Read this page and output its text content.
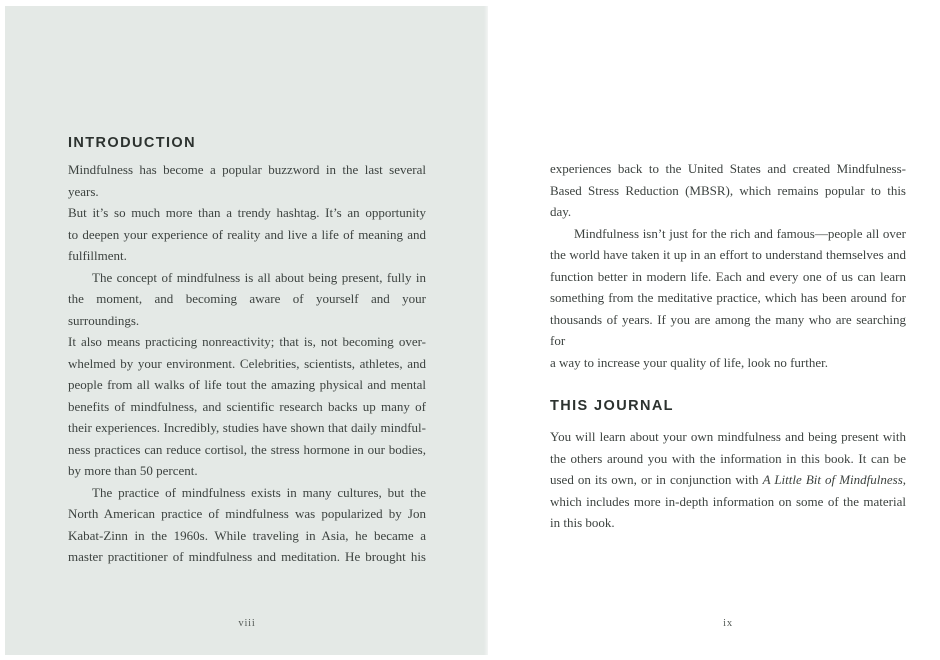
INTRODUCTION
Mindfulness has become a popular buzzword in the last several years.
But it’s so much more than a trendy hashtag. It’s an opportunity
to deepen your experience of reality and live a life of meaning and
fulfillment.
The concept of mindfulness is all about being present, fully in
the moment, and becoming aware of yourself and your surroundings.
It also means practicing nonreactivity; that is, not becoming over-
whelmed by your environment. Celebrities, scientists, athletes, and
people from all walks of life tout the amazing physical and mental
benefits of mindfulness, and scientific research backs up many of
their experiences. Incredibly, studies have shown that daily mindful-
ness practices can reduce cortisol, the stress hormone in our bodies,
by more than 50 percent.
The practice of mindfulness exists in many cultures, but the
North American practice of mindfulness was popularized by Jon
Kabat-Zinn in the 1960s. While traveling in Asia, he became a
master practitioner of mindfulness and meditation. He brought his
experiences back to the United States and created Mindfulness-
Based Stress Reduction (MBSR), which remains popular to this day.
Mindfulness isn’t just for the rich and famous—people all over
the world have taken it up in an effort to understand themselves and
function better in modern life. Each and every one of us can learn
something from the meditative practice, which has been around for
thousands of years. If you are among the many who are searching for
a way to increase your quality of life, look no further.
THIS JOURNAL
You will learn about your own mindfulness and being present with
the others around you with the information in this book. It can be
used on its own, or in conjunction with A Little Bit of Mindfulness,
which includes more in-depth information on some of the material
in this book.
viii	ix
